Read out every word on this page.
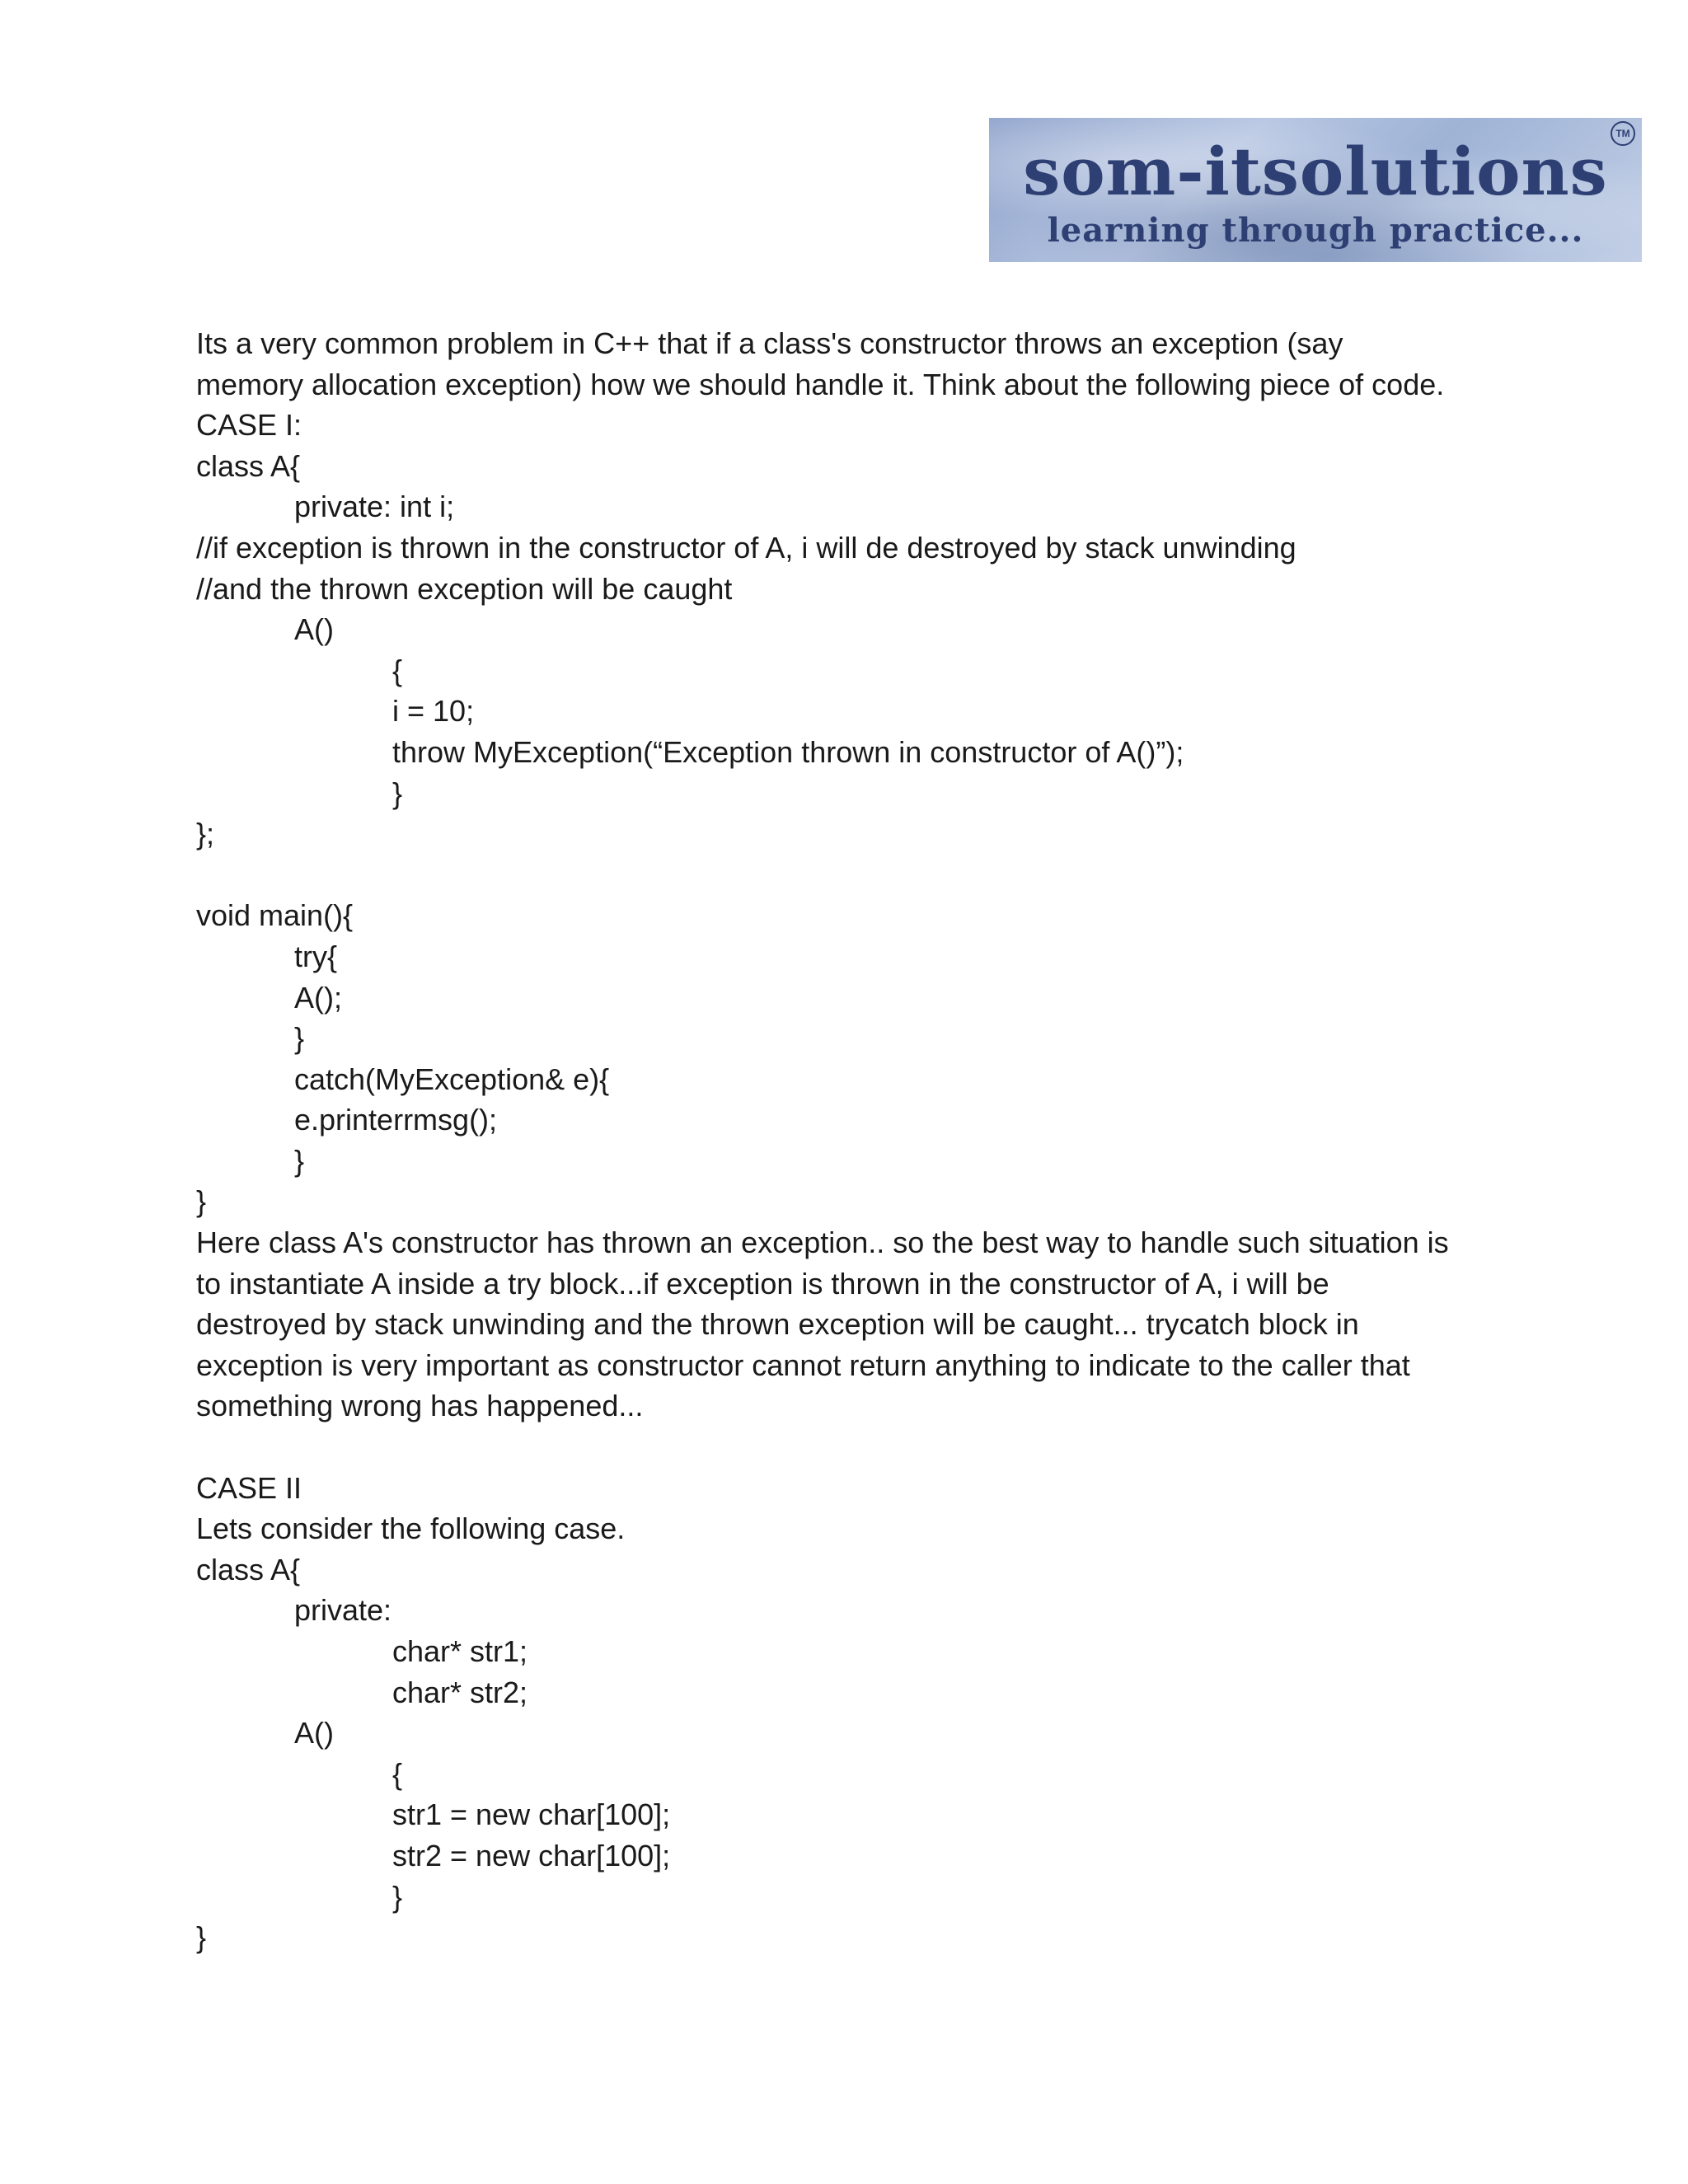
TM
som-itsolutions
learning through practice...
Its a very common problem in C++ that if a class's constructor throws an exception (say
memory allocation exception) how we should handle it. Think about the following piece of code.
CASE I:
class A{
private: int i;
//if exception is thrown in the constructor of A, i will de destroyed by stack unwinding
//and the thrown exception will be caught
A()
{
i = 10;
throw MyException(“Exception thrown in constructor of A()”);
}
};
void main(){
try{
A();
}
catch(MyException& e){
e.printerrmsg();
}
}
Here class A's constructor has thrown an exception.. so the best way to handle such situation is
to instantiate A inside a try block...if exception is thrown in the constructor of A, i will be
destroyed by stack unwinding and the thrown exception will be caught... trycatch block in
exception is very important as constructor cannot return anything to indicate to the caller that
something wrong has happened...
CASE II
Lets consider the following case.
class A{
private:
char* str1;
char* str2;
A()
{
str1 = new char[100];
str2 = new char[100];
}
}
